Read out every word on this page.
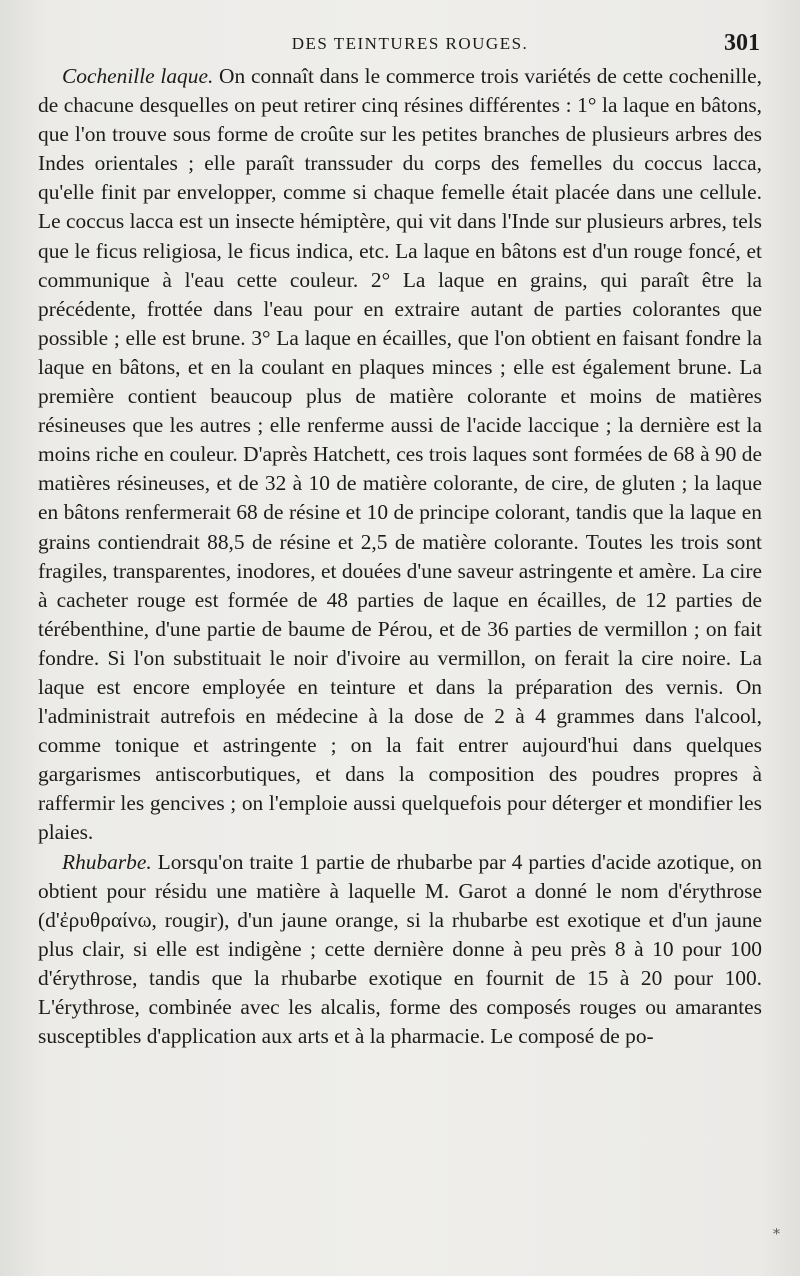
DES TEINTURES ROUGES.	301

Cochenille laque. On connaît dans le commerce trois variétés de cette cochenille, de chacune desquelles on peut retirer cinq résines différentes : 1° la laque en bâtons, que l'on trouve sous forme de croûte sur les petites branches de plusieurs arbres des Indes orientales ; elle paraît transsuder du corps des femelles du coccus lacca, qu'elle finit par envelopper, comme si chaque femelle était placée dans une cellule. Le coccus lacca est un insecte hémiptère, qui vit dans l'Inde sur plusieurs arbres, tels que le ficus religiosa, le ficus indica, etc. La laque en bâtons est d'un rouge foncé, et communique à l'eau cette couleur. 2° La laque en grains, qui paraît être la précédente, frottée dans l'eau pour en extraire autant de parties colorantes que possible ; elle est brune. 3° La laque en écailles, que l'on obtient en faisant fondre la laque en bâtons, et en la coulant en plaques minces ; elle est également brune. La première contient beaucoup plus de matière colorante et moins de matières résineuses que les autres ; elle renferme aussi de l'acide laccique ; la dernière est la moins riche en couleur. D'après Hatchett, ces trois laques sont formées de 68 à 90 de matières résineuses, et de 32 à 10 de matière colorante, de cire, de gluten ; la laque en bâtons renfermerait 68 de résine et 10 de principe colorant, tandis que la laque en grains contiendrait 88,5 de résine et 2,5 de matière colorante. Toutes les trois sont fragiles, transparentes, inodores, et douées d'une saveur astringente et amère. La cire à cacheter rouge est formée de 48 parties de laque en écailles, de 12 parties de térébenthine, d'une partie de baume de Pérou, et de 36 parties de vermillon ; on fait fondre. Si l'on substituait le noir d'ivoire au vermillon, on ferait la cire noire. La laque est encore employée en teinture et dans la préparation des vernis. On l'administrait autrefois en médecine à la dose de 2 à 4 grammes dans l'alcool, comme tonique et astringente ; on la fait entrer aujourd'hui dans quelques gargarismes antiscorbutiques, et dans la composition des poudres propres à raffermir les gencives ; on l'emploie aussi quelquefois pour déterger et mondifier les plaies.

Rhubarbe. Lorsqu'on traite 1 partie de rhubarbe par 4 parties d'acide azotique, on obtient pour résidu une matière à laquelle M. Garot a donné le nom d'érythrose (d'ἐρυθραίνω, rougir), d'un jaune orange, si la rhubarbe est exotique et d'un jaune plus clair, si elle est indigène ; cette dernière donne à peu près 8 à 10 pour 100 d'érythrose, tandis que la rhubarbe exotique en fournit de 15 à 20 pour 100. L'érythrose, combinée avec les alcalis, forme des composés rouges ou amarantes susceptibles d'application aux arts et à la pharmacie. Le composé de po-

⁎
